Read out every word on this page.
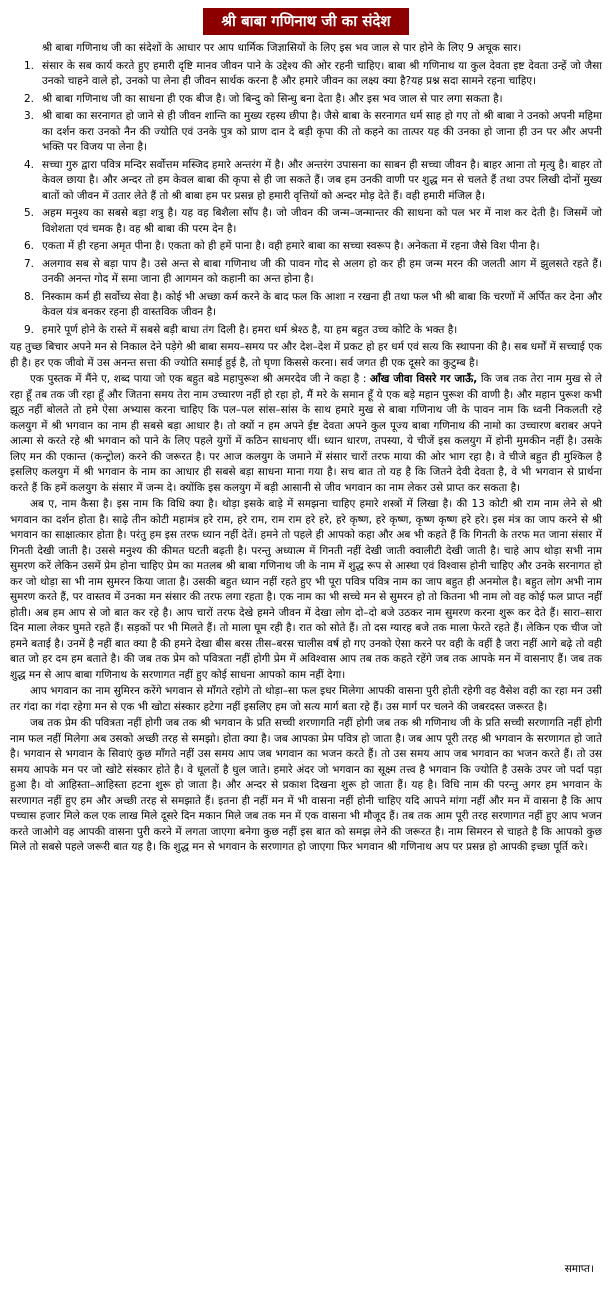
श्री बाबा गणिनाथ जी का संदेश

श्री बाबा गणिनाथ जी का संदेशों के आधार पर आप धार्मिक जिज्ञासियों के लिए इस भव जाल से पार होने के लिए 9 अचूक सार।

1. संसार के सब कार्य करते हुए हमारी दृष्टि मानव जीवन पाने के उद्देश्य की ओर रहनी चाहिए। बाबा श्री गणिनाथ या कुल देवता इष्ट देवता उन्हें जो जैसा उनको चाहने वाले हो, उनको पा लेना ही जीवन सार्थक करना है और हमारे जीवन का लक्ष्य क्या है?यह प्रश्न सदा सामने रहना चाहिए।
2. श्री बाबा गणिनाथ जी का साधना ही एक बीज है। जो बिन्दु को सिन्धु बना देता है। और इस भव जाल से पार लगा सकता है।
3. श्री बाबा का सरनागत हो जाने से ही जीवन शान्ति का मुख्य रहस्य छीपा है। जैसे बाबा के सरनागत धर्म साह हो गए तो श्री बाबा ने उनको अपनी महिमा का दर्शन करा उनको नैन की ज्योति एवं उनके पुत्र को प्राण दान दे बड़ी कृपा की तो कहने का तात्पर यह की उनका हो जाना ही उन पर और अपनी भक्ति पर विजय पा लेना है।
4. सच्चा गुरु द्वारा पवित्र मन्दिर सर्वोत्तम मस्जिद हमारे अन्तरंग में है। और अन्तरंग उपासना का साबन ही सच्चा जीवन है। बाहर आना तो मृत्यु है। बाहर तो केवल छाया है। और अन्दर तो हम केवल बाबा की कृपा से ही जा सकते हैं। जब हम उनकी वाणी पर शुद्ध मन से चलते हैं तथा उपर लिखी दोनों मुख्य बातों को जीवन में उतार लेते हैं तो श्री बाबा हम पर प्रसन्न हो हमारी वृत्तियों को अन्दर मोड़ देते हैं। वही हमारी मंजिल है।
5. अहम मनुश्य का सबसे बड़ा शत्रु है। यह वह बिशैला साँप है। जो जीवन की जन्म–जन्मान्तर की साधना को पल भर में नाश कर देती है। जिसमें जो विशेशता एवं चमक है। वह श्री बाबा की परम देन है।
6. एकता में ही रहना अमृत पीना है। एकता को ही हमें पाना है। वही हमारे बाबा का सच्चा स्वरूप है। अनेकता में रहना जैसे विश पीना है।
7. अलगाव सब से बड़ा पाप है। उसे अन्त से बाबा गणिनाथ जी की पावन गोद से अलग हो कर ही हम जन्म मरन की जलती आग में झुलसते रहते हैं। उनकी अनन्त गोद में समा जाना ही आगमन को कहानी का अन्त होना है।
8. निस्काम कर्म ही सर्वोच्य सेवा है। कोई भी अच्छा कर्म करने के बाद फल कि आशा न रखना ही तथा फल भी श्री बाबा कि चरणों में अर्पित कर देना और केवल यंत्र बनकर रहना ही वास्तविक जीवन है।
9. हमारे पूर्ण होने के रास्ते में सबसे बड़ी बाधा तंग दिली है। हमरा धर्म श्रेश्ठ है, या हम बहुत उच्च कोटि के भक्त है।

यह तुच्छ बिचार अपने मन से निकाल देने पड़ेगे श्री बाबा समय–समय पर और देश–देश में प्रकट हो हर धर्म एवं सत्य कि स्थापना की है। सब धर्मों में सच्चाई एक ही है। हर एक जीवो में उस अनन्त सत्ता की ज्योति समाई हुई है, तो घृणा किससे करना। सर्व जगत ही एक दूसरे का कुटुम्ब है।

एक पुस्तक में मैंने ए, शब्द पाया जो एक बहुत बडे महापुरूश श्री अमरदेव जी ने कहा है : आँख जीवा विसरे गर जाऊँ, कि जब तक तेरा नाम मुख से ले रहा हूँ तब तक जी रहा हूँ और जितना समय तेरा नाम उच्चारण नहीं हो रहा हो, मैं मरे के समान हूँ ये एक बड़े महान पुरूश की वाणी है। और महान पुरूश कभी झूठ नहीं बोलते तो हमे ऐसा अभ्यास करना चाहिए कि पल–पल सांस–सांस के साथ हमारे मुख से बाबा गणिनाथ जी के पावन नाम कि ध्वनी निकलती रहे कलयुग में श्री भगवान का नाम ही सबसे बड़ा आधार है। तो क्यों न हम अपने ईष्ट देवता अपने कुल पूज्य बाबा गणिनाथ की नामो का उच्चारण बराबर अपने आत्मा से करते रहे श्री भगवान को पाने के लिए पहले युगों में कठिन साधनाए थीं। ध्यान धारण, तपस्या, ये चीजें इस कलयुग में होनी मुमकीन नहीं है। उसके लिए मन की एकान्त (कन्ट्रोल) करने की जरूरत है। पर आज कलयुग के जमाने में संसार चारों तरफ माया की ओर भाग रहा है। वे चीजे बहुत ही मुश्किल है इसलिए कलयुग में श्री भगवान के नाम का आधार ही सबसे बड़ा साधना माना गया है। सच बात तो यह है कि जितने देवी देवता है, वे भी भगवान से प्रार्थना करते हैं कि हमें कलयुग के संसार में जन्म दे। क्योंकि इस कलयुग में बड़ी आसानी से जीव भगवान का नाम लेकर उसे प्राप्त कर सकता है।

अब ए, नाम कैसा है। इस नाम कि विधि क्या है। थोड़ा इसके बाड़े में समझना चाहिए हमारे शस्त्रों में लिखा है। की 13 कोटी श्री राम नाम लेने से श्री भगवान का दर्शन होता है। साढ़े तीन कोटी महामंत्र हरे राम, हरे राम, राम राम हरे हरे, हरे कृष्ण, हरे कृष्ण, कृष्ण कृष्ण हरे हरे। इस मंत्र का जाप करने से श्री भगवान का साक्षात्कार होता है। परंतु हम इस तरफ ध्यान नहीं देतें। हमने तो पहले ही आपको कहा और अब भी कहते हैं कि गिनती के तरफ मत जाना संसार में गिनती देखी जाती है। उससे मनुश्य की कीमत घटती बढ़ती है। परन्तु अध्यात्म में गिनती नहीं देखी जाती क्वालीटी देखी जाती है। चाहे आप थोड़ा सभी नाम सुमरण करें लेकिन उसमें प्रेम होना चाहिए प्रेम का मतलब श्री बाबा गणिनाथ जी के नाम में शुद्ध रूप से आस्था एवं विश्वास होनी चाहिए और उनके सरनागत हो कर जो थोड़ा सा भी नाम सुमरन किया जाता है। उसकी बहुत ध्यान नहीं रहते हुए भी पूरा पवित्र पवित्र नाम का जाप बहुत ही अनमोल है। बहुत लोग अभी नाम सुमरण करते हैं, पर वास्तव में उनका मन संसार की तरफ लगा रहता है। एक नाम का भी सच्चे मन से सुमरन हो तो कितना भी नाम लो वह कोई फल प्राप्त नहीं होती। अब हम आप से जो बात कर रहे है। आप चारों तरफ देखे हमने जीवन में देखा लोग दो–दो बजे उठकर नाम सुमरण करना शुरू कर देते हैं। सारा–सारा दिन माला लेकर घुमते रहते हैं। सड़कों पर भी मिलते हैं। तो माला घूम रही है। रात को सोते हैं। तो दस ग्यारह बजे तक माला फेरते रहते हैं। लेकिन एक चीज जो हमने बताई है। उनमें है नहीं बात क्या है की हमने देखा बीस बरस तीस–बरस चालीस वर्ष हो गए उनको ऐसा करने पर वही के वहीं है जरा नहीं आगे बढ़े तो वही बात जो हर दम हम बताते है। की जब तक प्रेम को पवित्रता नहीं होगी प्रेम में अविश्वास आप तब तक कहते रहेंगे जब तक आपके मन में वासनाए हैं। जब तक शुद्ध मन से आप बाबा गणिनाथ के सरणागत नहीं हुए कोई साधना आपको काम नहीं देगा।

आप भगवान का नाम सुमिरन करेंगे भगवान से माँगते रहोगे तो थोड़ा–सा फल इधर मिलेगा आपकी वासना पुरी होती रहेगी वह वैसेश वही का रहा मन उसी तर गंदा का गंदा रहेगा मन से एक भी खोटा संस्कार हटेगा नहीं इसलिए हम जो सत्य मार्ग बता रहे हैं। उस मार्ग पर चलने की जबरदस्त जरूरत है।

जब तक प्रेम की पवित्रता नहीं होगी जब तक श्री भगवान के प्रति सच्ची शरणागति नहीं होगी जब तक श्री गणिनाथ जी के प्रति सच्ची सरणागति नहीं होगी नाम फल नहीं मिलेगा अब उसको अच्छी तरह से समझो। होता क्या है। जब आपका प्रेम पवित्र हो जाता है। जब आप पूरी तरह श्री भगवान के सरणागत हो जाते है। भगवान से भगवान के सिवाएं कुछ माँगते नहीं उस समय आप जब भगवान का भजन करते हैं। तो उस समय आप जब भगवान का भजन करते हैं। तो उस समय आपके मन पर जो खोटे संस्कार होते है। वे धूलतों है धुल जाते। हमारे अंदर जो भगवान का सूक्ष्म तत्त्व है भगवान कि ज्योति है उसके उपर जो पर्दा पड़ा हुआ है। वो आहिस्ता–आहिस्ता हटना शुरू हो जाता है। और अन्दर से प्रकाश दिखना शुरू हो जाता हैं। यह है। विधि नाम की परन्तु अगर हम भगवान के सरणागत नहीं हुए हम और अच्छी तरह से समझाते हैं। इतना ही नहीं मन में भी वासना नहीं होनी चाहिए यदि आपने मांगा नहीं और मन में वासना है कि आप पच्चास हजार मिले कल एक लाख मिले दूसरे दिन मकान मिले जब तक मन में एक वासना भी मौजूद हैं। तब तक आम पूरी तरह सरणागत नहीं हुए आप भजन करते जाओगे वह आपकी वासना पुरी करने में लगता जाएगा बनेगा कुछ नहीं इस बात को समझ लेने की जरूरत है। नाम सिमरन से चाहते है कि आपको कुछ मिले तो सबसे पहले जरूरी बात यह है। कि शुद्ध मन से भगवान के सरणागत हो जाएगा फिर भगवान श्री गणिनाथ अप पर प्रसन्न हो आपकी इच्छा पूर्ति करे।

समाप्त।
